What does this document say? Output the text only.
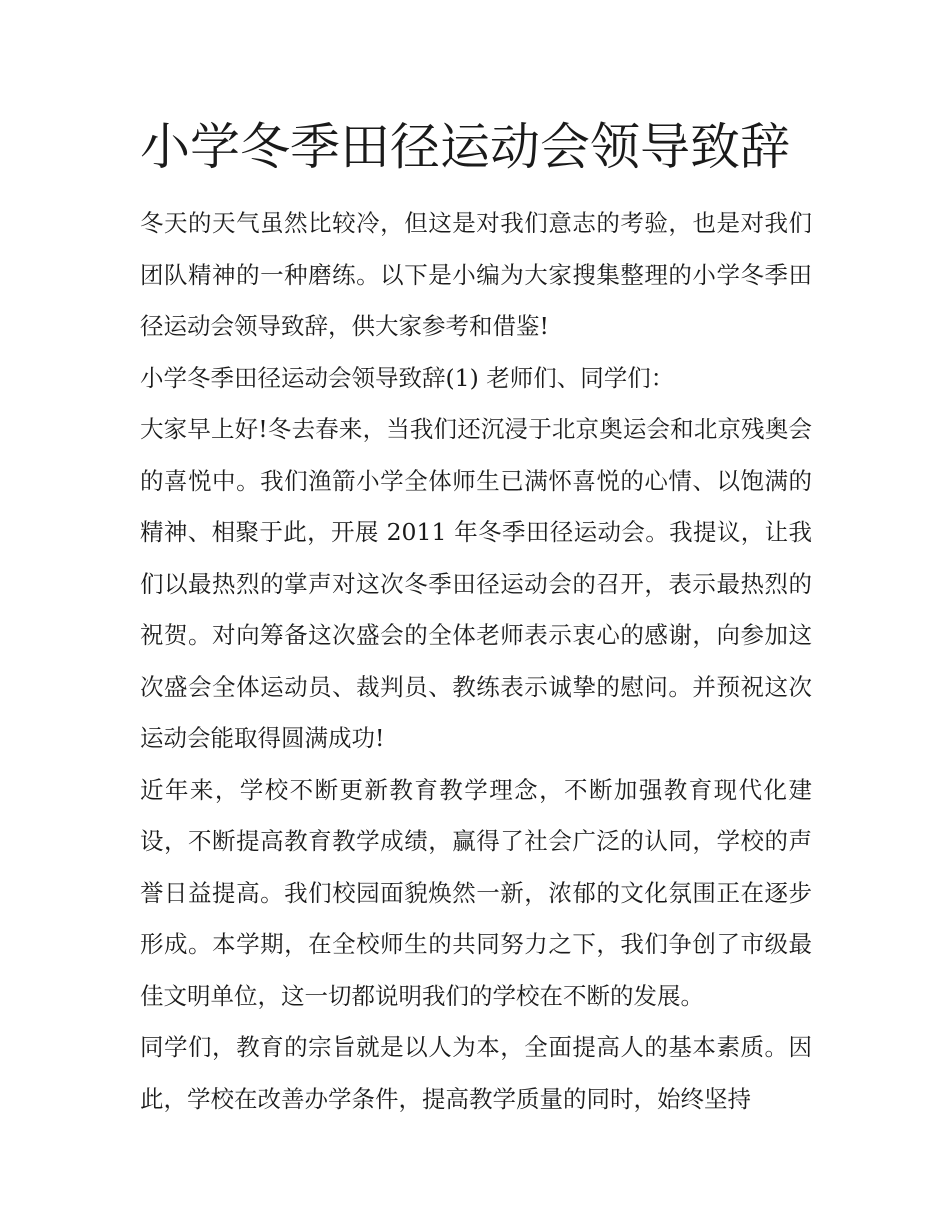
小学冬季田径运动会领导致辞

冬天的天气虽然比较冷，但这是对我们意志的考验，也是对我们团队精神的一种磨练。以下是小编为大家搜集整理的小学冬季田径运动会领导致辞，供大家参考和借鉴!

小学冬季田径运动会领导致辞(1) 老师们、同学们：

大家早上好!冬去春来，当我们还沉浸于北京奥运会和北京残奥会的喜悦中。我们渔箭小学全体师生已满怀喜悦的心情、以饱满的精神、相聚于此，开展 2011 年冬季田径运动会。我提议，让我们以最热烈的掌声对这次冬季田径运动会的召开，表示最热烈的祝贺。对向筹备这次盛会的全体老师表示衷心的感谢，向参加这次盛会全体运动员、裁判员、教练表示诚挚的慰问。并预祝这次运动会能取得圆满成功!

近年来，学校不断更新教育教学理念，不断加强教育现代化建设，不断提高教育教学成绩，赢得了社会广泛的认同，学校的声誉日益提高。我们校园面貌焕然一新，浓郁的文化氛围正在逐步形成。本学期，在全校师生的共同努力之下，我们争创了市级最佳文明单位，这一切都说明我们的学校在不断的发展。

同学们，教育的宗旨就是以人为本，全面提高人的基本素质。因此，学校在改善办学条件，提高教学质量的同时，始终坚持
